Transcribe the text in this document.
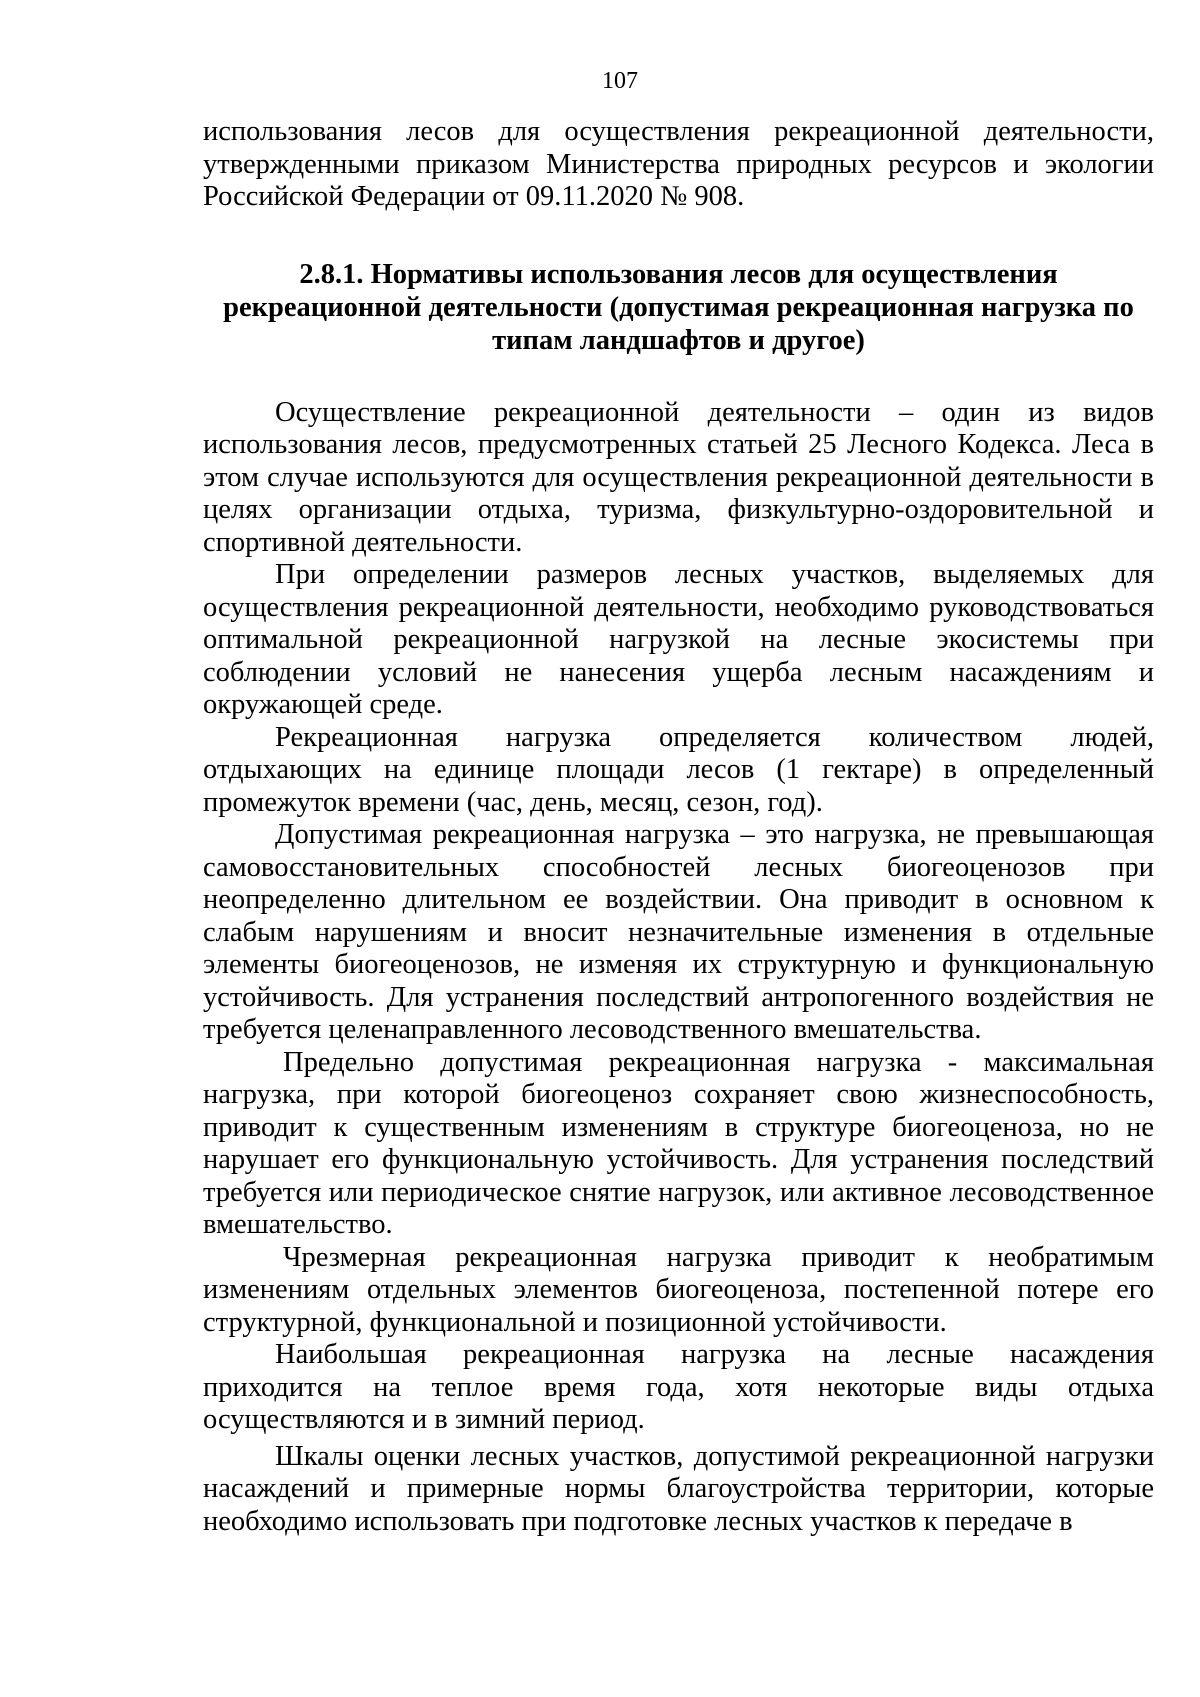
107

использования лесов для осуществления рекреационной деятельности, утвержденными приказом Министерства природных ресурсов и экологии Российской Федерации от 09.11.2020 № 908.

2.8.1. Нормативы использования лесов для осуществления рекреационной деятельности (допустимая рекреационная нагрузка по типам ландшафтов и другое)

Осуществление рекреационной деятельности – один из видов использования лесов, предусмотренных статьей 25 Лесного Кодекса. Леса в этом случае используются для осуществления рекреационной деятельности в целях организации отдыха, туризма, физкультурно-оздоровительной и спортивной деятельности.

При определении размеров лесных участков, выделяемых для осуществления рекреационной деятельности, необходимо руководствоваться оптимальной рекреационной нагрузкой на лесные экосистемы при соблюдении условий не нанесения ущерба лесным насаждениям и окружающей среде.

Рекреационная нагрузка определяется количеством людей, отдыхающих на единице площади лесов (1 гектаре) в определенный промежуток времени (час, день, месяц, сезон, год).

Допустимая рекреационная нагрузка – это нагрузка, не превышающая самовосстановительных способностей лесных биогеоценозов при неопределенно длительном ее воздействии. Она приводит в основном к слабым нарушениям и вносит незначительные изменения в отдельные элементы биогеоценозов, не изменяя их структурную и функциональную устойчивость. Для устранения последствий антропогенного воздействия не требуется целенаправленного лесоводственного вмешательства.

Предельно допустимая рекреационная нагрузка - максимальная нагрузка, при которой биогеоценоз сохраняет свою жизнеспособность, приводит к существенным изменениям в структуре биогеоценоза, но не нарушает его функциональную устойчивость. Для устранения последствий требуется или периодическое снятие нагрузок, или активное лесоводственное вмешательство.

Чрезмерная рекреационная нагрузка приводит к необратимым изменениям отдельных элементов биогеоценоза, постепенной потере его структурной, функциональной и позиционной устойчивости.

Наибольшая рекреационная нагрузка на лесные насаждения приходится на теплое время года, хотя некоторые виды отдыха осуществляются и в зимний период.

Шкалы оценки лесных участков, допустимой рекреационной нагрузки насаждений и примерные нормы благоустройства территории, которые необходимо использовать при подготовке лесных участков к передаче в
